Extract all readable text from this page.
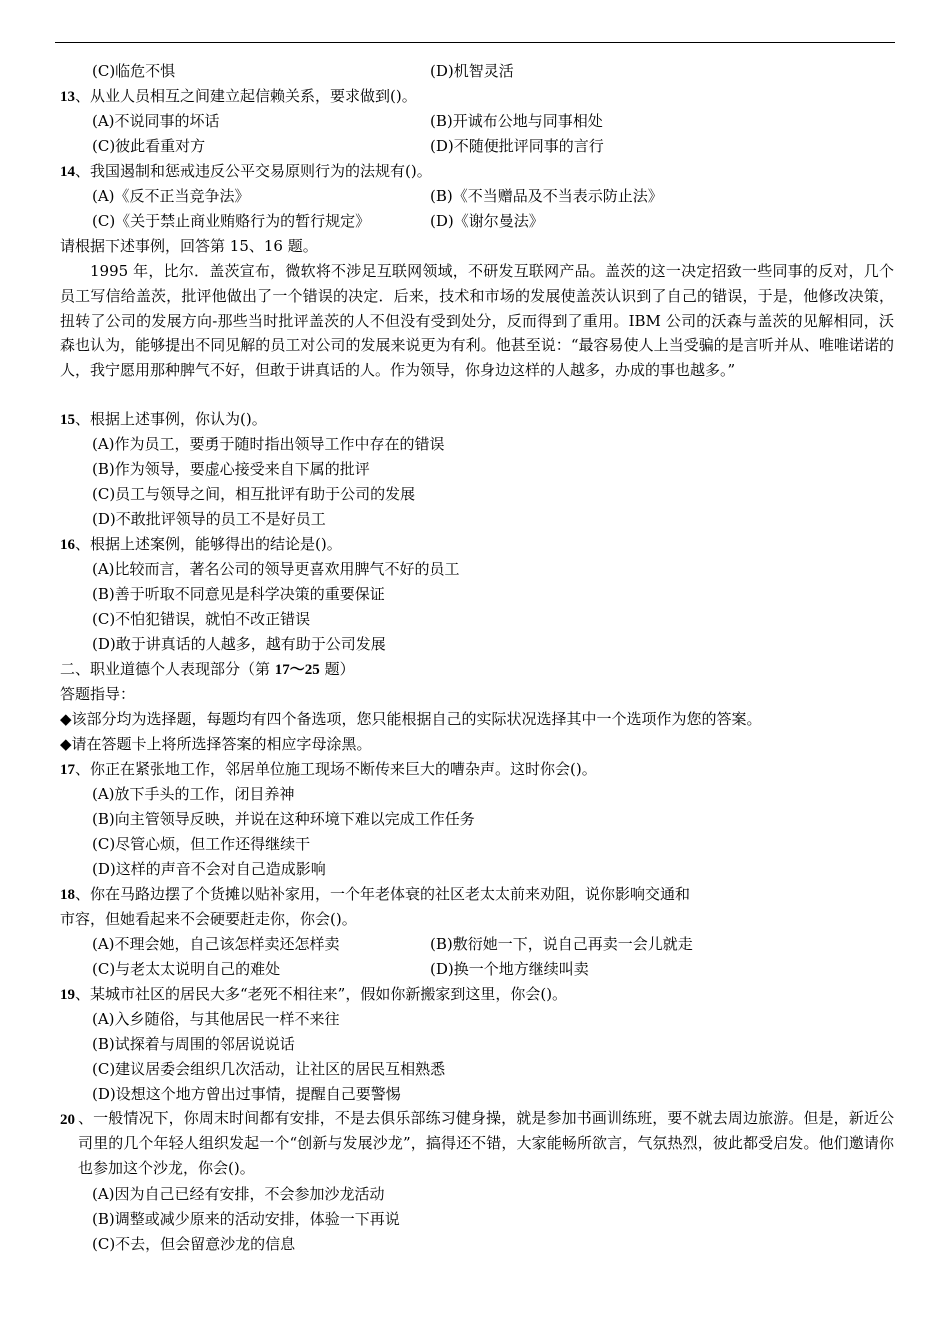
(C)临危不惧	(D)机智灵活
13、从业人员相互之间建立起信赖关系，要求做到()。
(A)不说同事的坏话	(B)开诚布公地与同事相处
(C)彼此看重对方	(D)不随便批评同事的言行
14、我国遏制和惩戒违反公平交易原则行为的法规有()。
(A)《反不正当竞争法》	(B)《不当赠品及不当表示防止法》
(C)《关于禁止商业贿赂行为的暂行规定》	(D)《谢尔曼法》
请根据下述事例，回答第 15、16 题。
1995 年，比尔．盖茨宣布，微软将不涉足互联网领域，不研发互联网产品。盖茨的这一决定招致一些同事的反对，几个员工写信给盖茨，批评他做出了一个错误的决定．后来，技术和市场的发展使盖茨认识到了自己的错误，于是，他修改决策，扭转了公司的发展方向-那些当时批评盖茨的人不但没有受到处分，反而得到了重用。IBM 公司的沃森与盖茨的见解相同，沃森也认为，能够提出不同见解的员工对公司的发展来说更为有利。他甚至说：“最容易使人上当受骗的是言听并从、唯唯诺诺的人，我宁愿用那种脾气不好，但敢于讲真话的人。作为领导，你身边这样的人越多，办成的事也越多。”
15、根据上述事例，你认为()。
(A)作为员工，要勇于随时指出领导工作中存在的错误
(B)作为领导，要虚心接受来自下属的批评
(C)员工与领导之间，相互批评有助于公司的发展
(D)不敢批评领导的员工不是好员工
16、根据上述案例，能够得出的结论是()。
(A)比较而言，著名公司的领导更喜欢用脾气不好的员工
(B)善于听取不同意见是科学决策的重要保证
(C)不怕犯错误，就怕不改正错误
(D)敢于讲真话的人越多，越有助于公司发展
二、职业道德个人表现部分（第 17～25 题）
答题指导：
◆该部分均为选择题，每题均有四个备选项，您只能根据自己的实际状况选择其中一个选项作为您的答案。
◆请在答题卡上将所选择答案的相应字母涂黑。
17、你正在紧张地工作，邻居单位施工现场不断传来巨大的嘈杂声。这时你会()。
(A)放下手头的工作，闭目养神
(B)向主管领导反映，并说在这种环境下难以完成工作任务
(C)尽管心烦，但工作还得继续干
(D)这样的声音不会对自己造成影响
18、你在马路边摆了个货摊以贴补家用，一个年老体衰的社区老太太前来劝阻，说你影响交通和
市容，但她看起来不会硬要赶走你，你会()。
(A)不理会她，自己该怎样卖还怎样卖	(B)敷衍她一下，说自己再卖一会儿就走
(C)与老太太说明自己的难处	(D)换一个地方继续叫卖
19、某城市社区的居民大多“老死不相往来”，假如你新搬家到这里，你会()。
(A)入乡随俗，与其他居民一样不来往
(B)试探着与周围的邻居说说话
(C)建议居委会组织几次活动，让社区的居民互相熟悉
(D)设想这个地方曾出过事情，提醒自己要警惕
20 、一般情况下，你周末时间都有安排，不是去俱乐部练习健身操，就是参加书画训练班，要不就去周边旅游。但是，新近公司里的几个年轻人组织发起一个“创新与发展沙龙”，搞得还不错，大家能畅所欲言，气氛热烈，彼此都受启发。他们邀请你也参加这个沙龙，你会()。
(A)因为自己已经有安排，不会参加沙龙活动
(B)调整或减少原来的活动安排，体验一下再说
(C)不去，但会留意沙龙的信息
